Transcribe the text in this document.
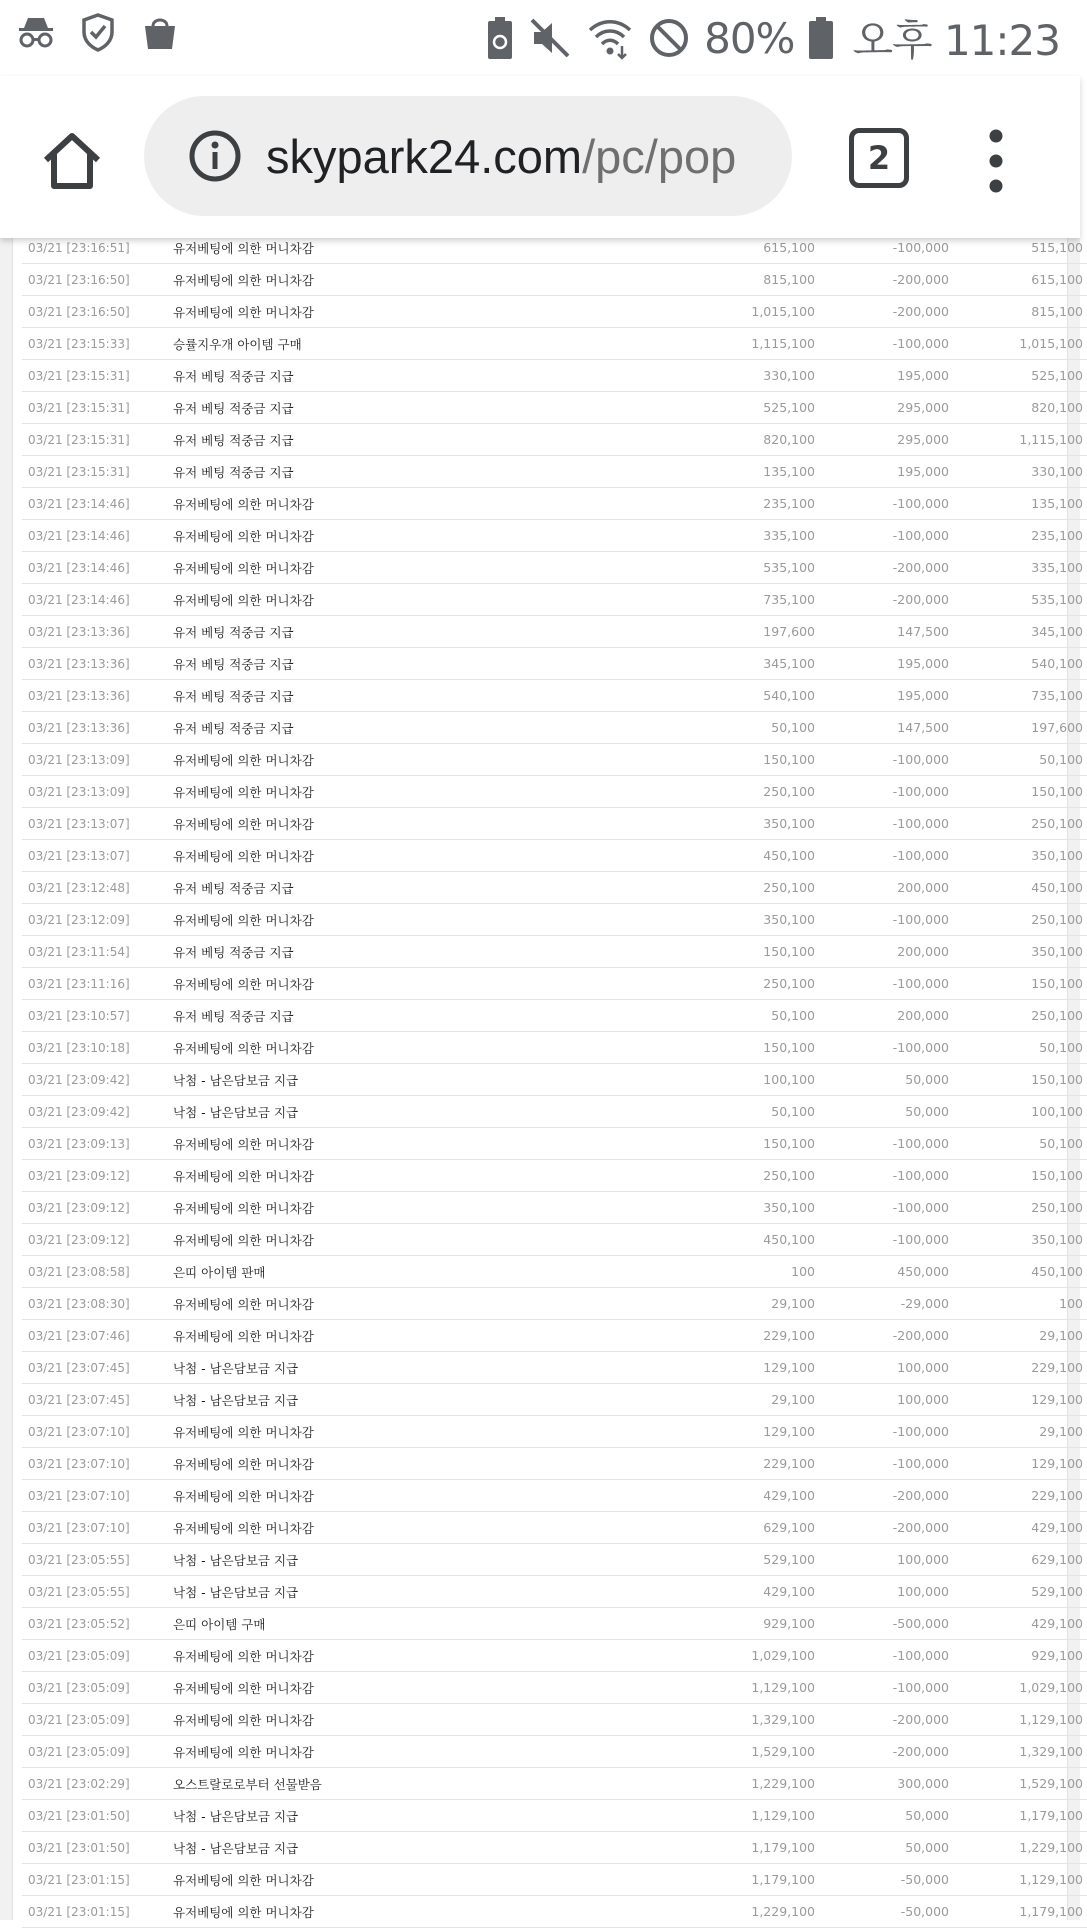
80% 오후 11:23
skypark24.com/pc/pop	2
03/21 [23:16:51]	유저베팅에 의한 머니차감	615,100	-100,000	515,100
03/21 [23:16:50]	유저베팅에 의한 머니차감	815,100	-200,000	615,100
03/21 [23:16:50]	유저베팅에 의한 머니차감	1,015,100	-200,000	815,100
03/21 [23:15:33]	승률지우개 아이템 구매	1,115,100	-100,000	1,015,100
03/21 [23:15:31]	유저 베팅 적중금 지급	330,100	195,000	525,100
03/21 [23:15:31]	유저 베팅 적중금 지급	525,100	295,000	820,100
03/21 [23:15:31]	유저 베팅 적중금 지급	820,100	295,000	1,115,100
03/21 [23:15:31]	유저 베팅 적중금 지급	135,100	195,000	330,100
03/21 [23:14:46]	유저베팅에 의한 머니차감	235,100	-100,000	135,100
03/21 [23:14:46]	유저베팅에 의한 머니차감	335,100	-100,000	235,100
03/21 [23:14:46]	유저베팅에 의한 머니차감	535,100	-200,000	335,100
03/21 [23:14:46]	유저베팅에 의한 머니차감	735,100	-200,000	535,100
03/21 [23:13:36]	유저 베팅 적중금 지급	197,600	147,500	345,100
03/21 [23:13:36]	유저 베팅 적중금 지급	345,100	195,000	540,100
03/21 [23:13:36]	유저 베팅 적중금 지급	540,100	195,000	735,100
03/21 [23:13:36]	유저 베팅 적중금 지급	50,100	147,500	197,600
03/21 [23:13:09]	유저베팅에 의한 머니차감	150,100	-100,000	50,100
03/21 [23:13:09]	유저베팅에 의한 머니차감	250,100	-100,000	150,100
03/21 [23:13:07]	유저베팅에 의한 머니차감	350,100	-100,000	250,100
03/21 [23:13:07]	유저베팅에 의한 머니차감	450,100	-100,000	350,100
03/21 [23:12:48]	유저 베팅 적중금 지급	250,100	200,000	450,100
03/21 [23:12:09]	유저베팅에 의한 머니차감	350,100	-100,000	250,100
03/21 [23:11:54]	유저 베팅 적중금 지급	150,100	200,000	350,100
03/21 [23:11:16]	유저베팅에 의한 머니차감	250,100	-100,000	150,100
03/21 [23:10:57]	유저 베팅 적중금 지급	50,100	200,000	250,100
03/21 [23:10:18]	유저베팅에 의한 머니차감	150,100	-100,000	50,100
03/21 [23:09:42]	낙첨 - 남은담보금 지급	100,100	50,000	150,100
03/21 [23:09:42]	낙첨 - 남은담보금 지급	50,100	50,000	100,100
03/21 [23:09:13]	유저베팅에 의한 머니차감	150,100	-100,000	50,100
03/21 [23:09:12]	유저베팅에 의한 머니차감	250,100	-100,000	150,100
03/21 [23:09:12]	유저베팅에 의한 머니차감	350,100	-100,000	250,100
03/21 [23:09:12]	유저베팅에 의한 머니차감	450,100	-100,000	350,100
03/21 [23:08:58]	은띠 아이템 판매	100	450,000	450,100
03/21 [23:08:30]	유저베팅에 의한 머니차감	29,100	-29,000	100
03/21 [23:07:46]	유저베팅에 의한 머니차감	229,100	-200,000	29,100
03/21 [23:07:45]	낙첨 - 남은담보금 지급	129,100	100,000	229,100
03/21 [23:07:45]	낙첨 - 남은담보금 지급	29,100	100,000	129,100
03/21 [23:07:10]	유저베팅에 의한 머니차감	129,100	-100,000	29,100
03/21 [23:07:10]	유저베팅에 의한 머니차감	229,100	-100,000	129,100
03/21 [23:07:10]	유저베팅에 의한 머니차감	429,100	-200,000	229,100
03/21 [23:07:10]	유저베팅에 의한 머니차감	629,100	-200,000	429,100
03/21 [23:05:55]	낙첨 - 남은담보금 지급	529,100	100,000	629,100
03/21 [23:05:55]	낙첨 - 남은담보금 지급	429,100	100,000	529,100
03/21 [23:05:52]	은띠 아이템 구매	929,100	-500,000	429,100
03/21 [23:05:09]	유저베팅에 의한 머니차감	1,029,100	-100,000	929,100
03/21 [23:05:09]	유저베팅에 의한 머니차감	1,129,100	-100,000	1,029,100
03/21 [23:05:09]	유저베팅에 의한 머니차감	1,329,100	-200,000	1,129,100
03/21 [23:05:09]	유저베팅에 의한 머니차감	1,529,100	-200,000	1,329,100
03/21 [23:02:29]	오스트랄로로부터 선물받음	1,229,100	300,000	1,529,100
03/21 [23:01:50]	낙첨 - 남은담보금 지급	1,129,100	50,000	1,179,100
03/21 [23:01:50]	낙첨 - 남은담보금 지급	1,179,100	50,000	1,229,100
03/21 [23:01:15]	유저베팅에 의한 머니차감	1,179,100	-50,000	1,129,100
03/21 [23:01:15]	유저베팅에 의한 머니차감	1,229,100	-50,000	1,179,100
